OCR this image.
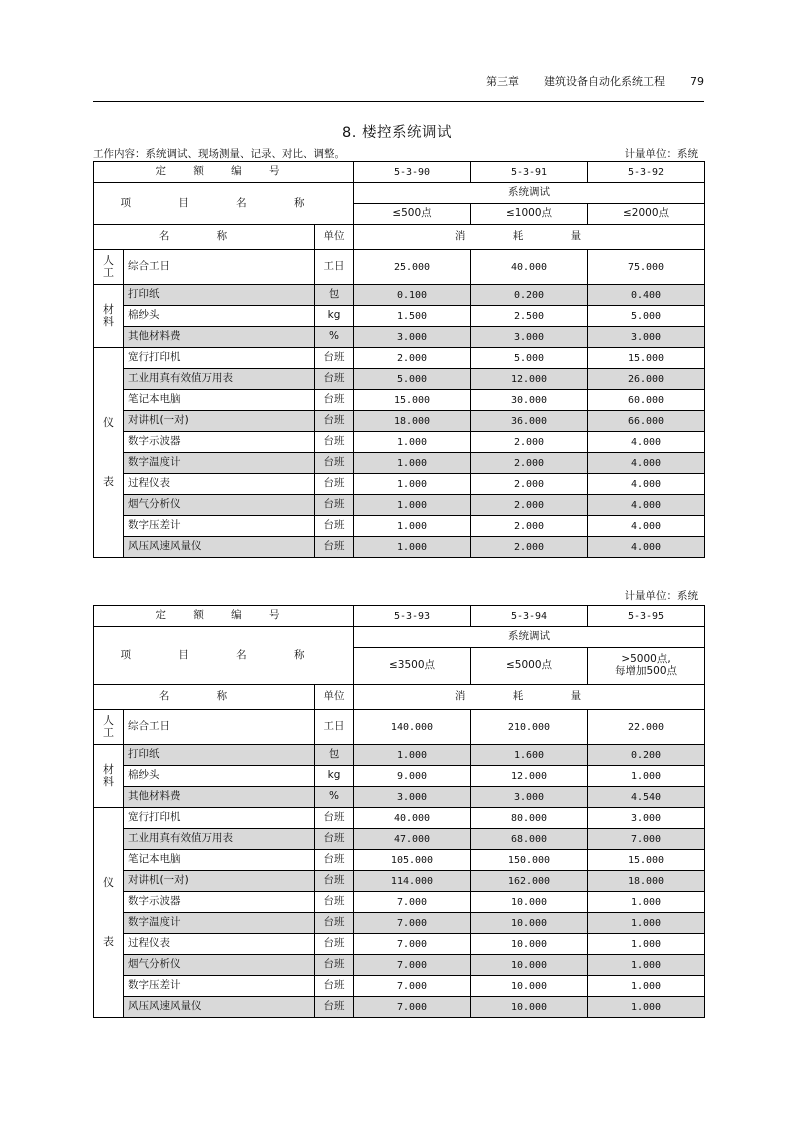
第三章 建筑设备自动化系统工程 79
8. 楼控系统调试
工作内容：系统调试、现场测量、记录、对比、调整。	计量单位：系统
定 额 编 号			5-3-90	5-3-91	5-3-92
项 目 名 称			系统调试		
			≤500点	≤1000点	≤2000点
名 称		单位	消 耗 量		
人工	综合工日	工日	25.000	40.000	75.000
材料	打印纸	包	0.100	0.200	0.400
	棉纱头	kg	1.500	2.500	5.000
	其他材料费	%	3.000	3.000	3.000
仪
表	宽行打印机	台班	2.000	5.000	15.000
	工业用真有效值万用表	台班	5.000	12.000	26.000
	笔记本电脑	台班	15.000	30.000	60.000
	对讲机(一对)	台班	18.000	36.000	66.000
	数字示波器	台班	1.000	2.000	4.000
	数字温度计	台班	1.000	2.000	4.000
	过程仪表	台班	1.000	2.000	4.000
	烟气分析仪	台班	1.000	2.000	4.000
	数字压差计	台班	1.000	2.000	4.000
	风压风速风量仪	台班	1.000	2.000	4.000
计量单位：系统
定 额 编 号			5-3-93	5-3-94	5-3-95
项 目 名 称			系统调试		
			≤3500点	≤5000点	>5000点,
每增加500点

名 称		单位	消 耗 量		
人工	综合工日	工日	140.000	210.000	22.000
材料	打印纸	包	1.000	1.600	0.200
	棉纱头	kg	9.000	12.000	1.000
	其他材料费	%	3.000	3.000	4.540
仪
表	宽行打印机	台班	40.000	80.000	3.000
	工业用真有效值万用表	台班	47.000	68.000	7.000
	笔记本电脑	台班	105.000	150.000	15.000
	对讲机(一对)	台班	114.000	162.000	18.000
	数字示波器	台班	7.000	10.000	1.000
	数字温度计	台班	7.000	10.000	1.000
	过程仪表	台班	7.000	10.000	1.000
	烟气分析仪	台班	7.000	10.000	1.000
	数字压差计	台班	7.000	10.000	1.000
	风压风速风量仪	台班	7.000	10.000	1.000
